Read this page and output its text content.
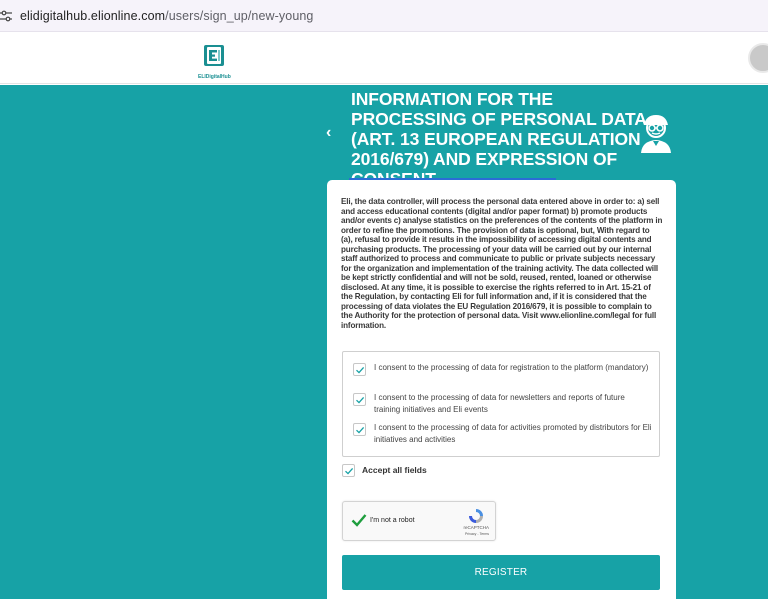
elidigitalhub.elionline.com/users/sign_up/new-young
ELIDigitalHub
‹
INFORMATION FOR THE PROCESSING OF PERSONAL DATA (ART. 13 EUROPEAN REGULATION 2016/679) AND EXPRESSION OF

Eli, the data controller, will process the personal data entered above in order to: a) sell and access educational contents (digital and/or paper format) b) promote products and/or events c) analyse statistics on the preferences of the contents of the platform in order to refine the promotions. The provision of data is optional, but, With regard to (a), refusal to provide it results in the impossibility of accessing digital contents and purchasing products. The processing of your data will be carried out by our internal staff authorized to process and communicate to public or private subjects necessary for the organization and implementation of the training activity. The data collected will be kept strictly confidential and will not be sold, reused, rented, loaned or otherwise disclosed. At any time, it is possible to exercise the rights referred to in Art. 15-21 of the Regulation, by contacting Eli for full information and, if it is considered that the processing of data violates the EU Regulation 2016/679, it is possible to complain to the Authority for the protection of personal data. Visit www.elionline.com/legal for full information.

I consent to the processing of data for registration to the platform (mandatory)
I consent to the processing of data for newsletters and reports of future training initiatives and Eli events
I consent to the processing of data for activities promoted by distributors for Eli initiatives and activities
Accept all fields
I'm not a robot
reCAPTCHA
Privacy - Terms
REGISTER
